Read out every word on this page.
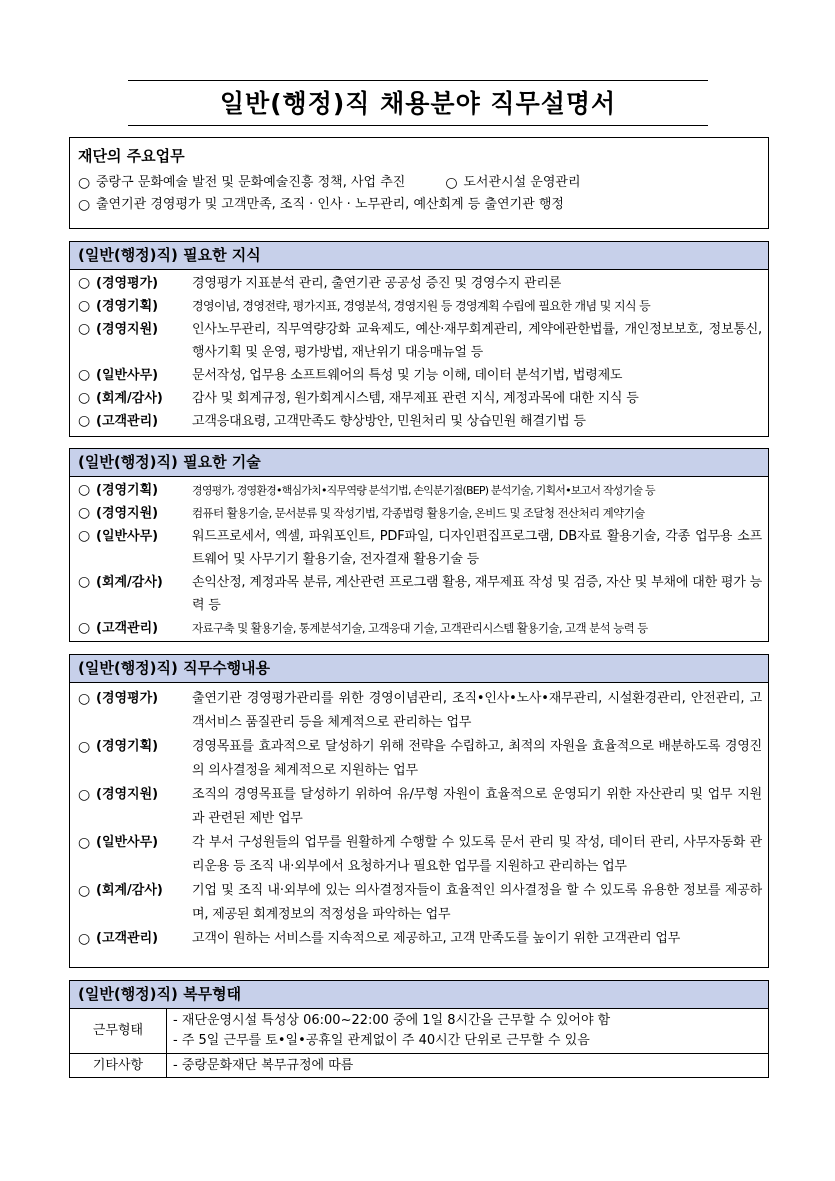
일반(행정)직 채용분야 직무설명서
재단의 주요업무
○ 중랑구 문화예술 발전 및 문화예술진흥 정책, 사업 추진	○ 도서관시설 운영관리
○ 출연기관 경영평가 및 고객만족, 조직 · 인사 · 노무관리, 예산회계 등 출연기관 행정
(일반(행정)직) 필요한 지식
○ (경영평가)	경영평가 지표분석 관리, 출연기관 공공성 증진 및 경영수지 관리론
○ (경영기획)	경영이념, 경영전략, 평가지표, 경영분석, 경영지원 등 경영계획 수립에 필요한 개념 및 지식 등
○ (경영지원)	인사노무관리, 직무역량강화 교육제도, 예산·재무회계관리, 계약에관한법률, 개인정보보호, 정보통신, 행사기획 및 운영, 평가방법, 재난위기 대응매뉴얼 등
○ (일반사무)	문서작성, 업무용 소프트웨어의 특성 및 기능 이해, 데이터 분석기법, 법령제도
○ (회계/감사)	감사 및 회계규정, 원가회계시스템, 재무제표 관련 지식, 계정과목에 대한 지식 등
○ (고객관리)	고객응대요령, 고객만족도 향상방안, 민원처리 및 상습민원 해결기법 등
(일반(행정)직) 필요한 기술
○ (경영기획)	경영평가, 경영환경•핵심가치•직무역량 분석기법, 손익분기점(BEP) 분석기술, 기획서•보고서 작성기술 등
○ (경영지원)	컴퓨터 활용기술, 문서분류 및 작성기법, 각종법령 활용기술, 온비드 및 조달청 전산처리 계약기술
○ (일반사무)	워드프로세서, 엑셀, 파워포인트, PDF파일, 디자인편집프로그램, DB자료 활용기술, 각종 업무용 소프트웨어 및 사무기기 활용기술, 전자결재 활용기술 등
○ (회계/감사)	손익산정, 계정과목 분류, 계산관련 프로그램 활용, 재무제표 작성 및 검증, 자산 및 부채에 대한 평가 능력 등
○ (고객관리)	자료구축 및 활용기술, 통계분석기술, 고객응대 기술, 고객관리시스템 활용기술, 고객 분석 능력 등
(일반(행정)직) 직무수행내용
○ (경영평가)	출연기관 경영평가관리를 위한 경영이념관리, 조직•인사•노사•재무관리, 시설환경관리, 안전관리, 고객서비스 품질관리 등을 체계적으로 관리하는 업무
○ (경영기획)	경영목표를 효과적으로 달성하기 위해 전략을 수립하고, 최적의 자원을 효율적으로 배분하도록 경영진의 의사결정을 체계적으로 지원하는 업무
○ (경영지원)	조직의 경영목표를 달성하기 위하여 유/무형 자원이 효율적으로 운영되기 위한 자산관리 및 업무 지원과 관련된 제반 업무
○ (일반사무)	각 부서 구성원들의 업무를 원활하게 수행할 수 있도록 문서 관리 및 작성, 데이터 관리, 사무자동화 관리운용 등 조직 내·외부에서 요청하거나 필요한 업무를 지원하고 관리하는 업무
○ (회계/감사)	기업 및 조직 내·외부에 있는 의사결정자들이 효율적인 의사결정을 할 수 있도록 유용한 정보를 제공하며, 제공된 회계정보의 적정성을 파악하는 업무
○ (고객관리)	고객이 원하는 서비스를 지속적으로 제공하고, 고객 만족도를 높이기 위한 고객관리 업무
(일반(행정)직) 복무형태
근무형태	- 재단운영시설 특성상 06:00~22:00 중에 1일 8시간을 근무할 수 있어야 함
- 주 5일 근무를 토•일•공휴일 관계없이 주 40시간 단위로 근무할 수 있음

기타사항	- 중랑문화재단 복무규정에 따름
